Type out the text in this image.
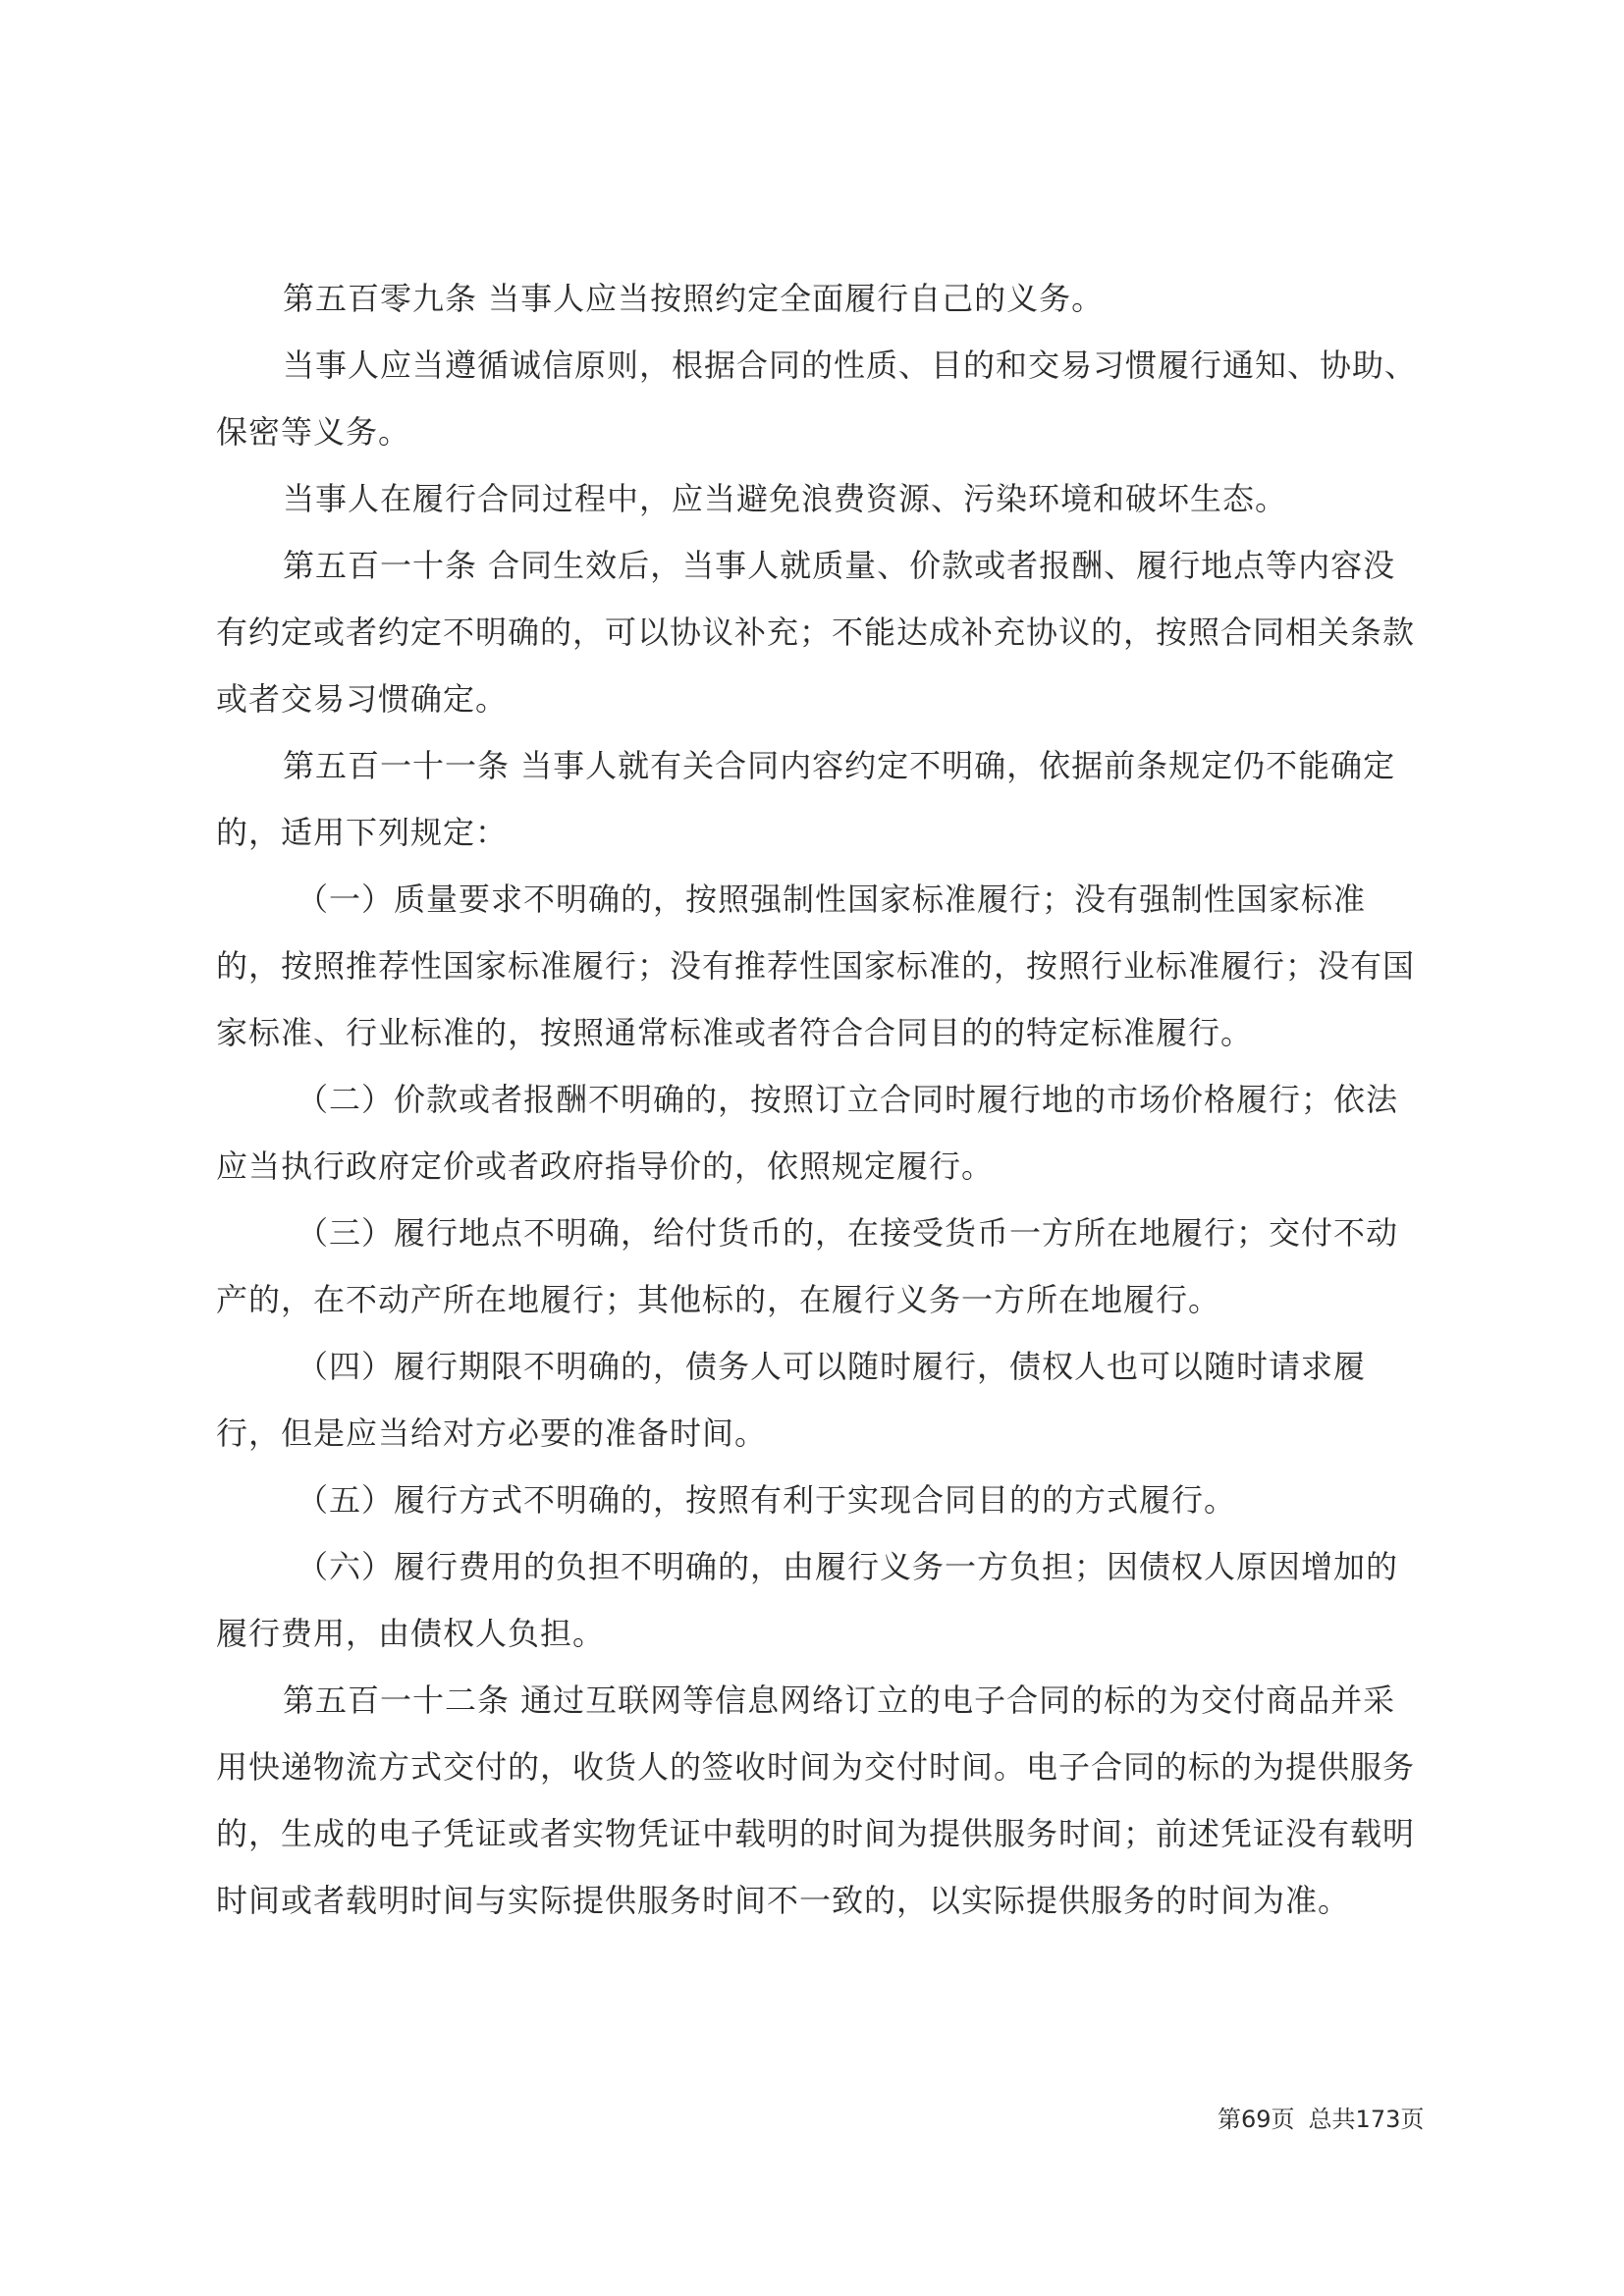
第五百零九条 当事人应当按照约定全面履行自己的义务。

当事人应当遵循诚信原则，根据合同的性质、目的和交易习惯履行通知、协助、保密等义务。

当事人在履行合同过程中，应当避免浪费资源、污染环境和破坏生态。

第五百一十条 合同生效后，当事人就质量、价款或者报酬、履行地点等内容没有约定或者约定不明确的，可以协议补充；不能达成补充协议的，按照合同相关条款或者交易习惯确定。

第五百一十一条 当事人就有关合同内容约定不明确，依据前条规定仍不能确定的，适用下列规定：

（一）质量要求不明确的，按照强制性国家标准履行；没有强制性国家标准的，按照推荐性国家标准履行；没有推荐性国家标准的，按照行业标准履行；没有国家标准、行业标准的，按照通常标准或者符合合同目的的特定标准履行。

（二）价款或者报酬不明确的，按照订立合同时履行地的市场价格履行；依法应当执行政府定价或者政府指导价的，依照规定履行。

（三）履行地点不明确，给付货币的，在接受货币一方所在地履行；交付不动产的，在不动产所在地履行；其他标的，在履行义务一方所在地履行。

（四）履行期限不明确的，债务人可以随时履行，债权人也可以随时请求履行，但是应当给对方必要的准备时间。

（五）履行方式不明确的，按照有利于实现合同目的的方式履行。

（六）履行费用的负担不明确的，由履行义务一方负担；因债权人原因增加的履行费用，由债权人负担。

第五百一十二条 通过互联网等信息网络订立的电子合同的标的为交付商品并采用快递物流方式交付的，收货人的签收时间为交付时间。电子合同的标的为提供服务的，生成的电子凭证或者实物凭证中载明的时间为提供服务时间；前述凭证没有载明时间或者载明时间与实际提供服务时间不一致的，以实际提供服务的时间为准。

第69页 总共173页
